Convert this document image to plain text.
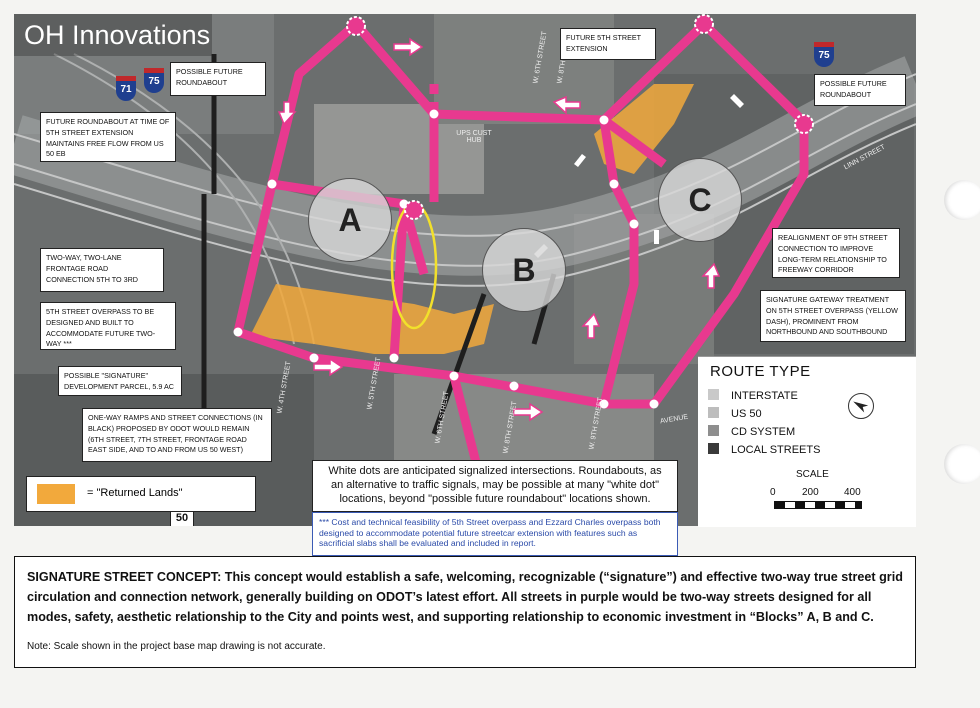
A
B
C
UPS CUST HUB
LINN STREET
AVENUE
W. 4TH STREET	W. 5TH STREET
W. 6TH STREET	W. 8TH STREET	W. 9TH STREET
W. 6TH STREET W. 8TH
71
75
75
50
OH Innovations
POSSIBLE FUTURE ROUNDABOUT
FUTURE 5TH STREET EXTENSION
POSSIBLE FUTURE ROUNDABOUT
FUTURE ROUNDABOUT AT TIME OF 5TH STREET EXTENSION MAINTAINS FREE FLOW FROM US 50 EB
TWO-WAY, TWO-LANE FRONTAGE ROAD CONNECTION 5TH TO 3RD
5TH STREET OVERPASS TO BE DESIGNED AND BUILT TO ACCOMMODATE FUTURE TWO-WAY ***
POSSIBLE "SIGNATURE" DEVELOPMENT PARCEL, 5.9 AC
ONE-WAY RAMPS AND STREET CONNECTIONS (IN BLACK) PROPOSED BY ODOT WOULD REMAIN (6TH STREET, 7TH STREET, FRONTAGE ROAD EAST SIDE, AND TO AND FROM US 50 WEST)
REALIGNMENT OF 9TH STREET CONNECTION TO IMPROVE LONG-TERM RELATIONSHIP TO FREEWAY CORRIDOR
SIGNATURE GATEWAY TREATMENT ON 5TH STREET OVERPASS (YELLOW DASH), PROMINENT FROM NORTHBOUND AND SOUTHBOUND
White dots are anticipated signalized intersections. Roundabouts, as an alternative to traffic signals, may be possible at many "white dot" locations, beyond "possible future roundabout" locations shown.
*** Cost and technical feasibility of 5th Street overpass and Ezzard Charles overpass both designed to accommodate potential future streetcar extension with features such as sacrificial slabs shall be evaluated and included in report.
= "Returned Lands"
ROUTE TYPE
INTERSTATE
US 50
CD SYSTEM
LOCAL STREETS
SCALE
0	200	400
SIGNATURE STREET CONCEPT: This concept would establish a safe, welcoming, recognizable (“signature”) and effective two-way true street grid circulation and connection network, generally building on ODOT’s latest effort. All streets in purple would be two-way streets designed for all modes, safety, aesthetic relationship to the City and points west, and supporting relationship to economic investment in “Blocks” A, B and C.
Note: Scale shown in the project base map drawing is not accurate.
